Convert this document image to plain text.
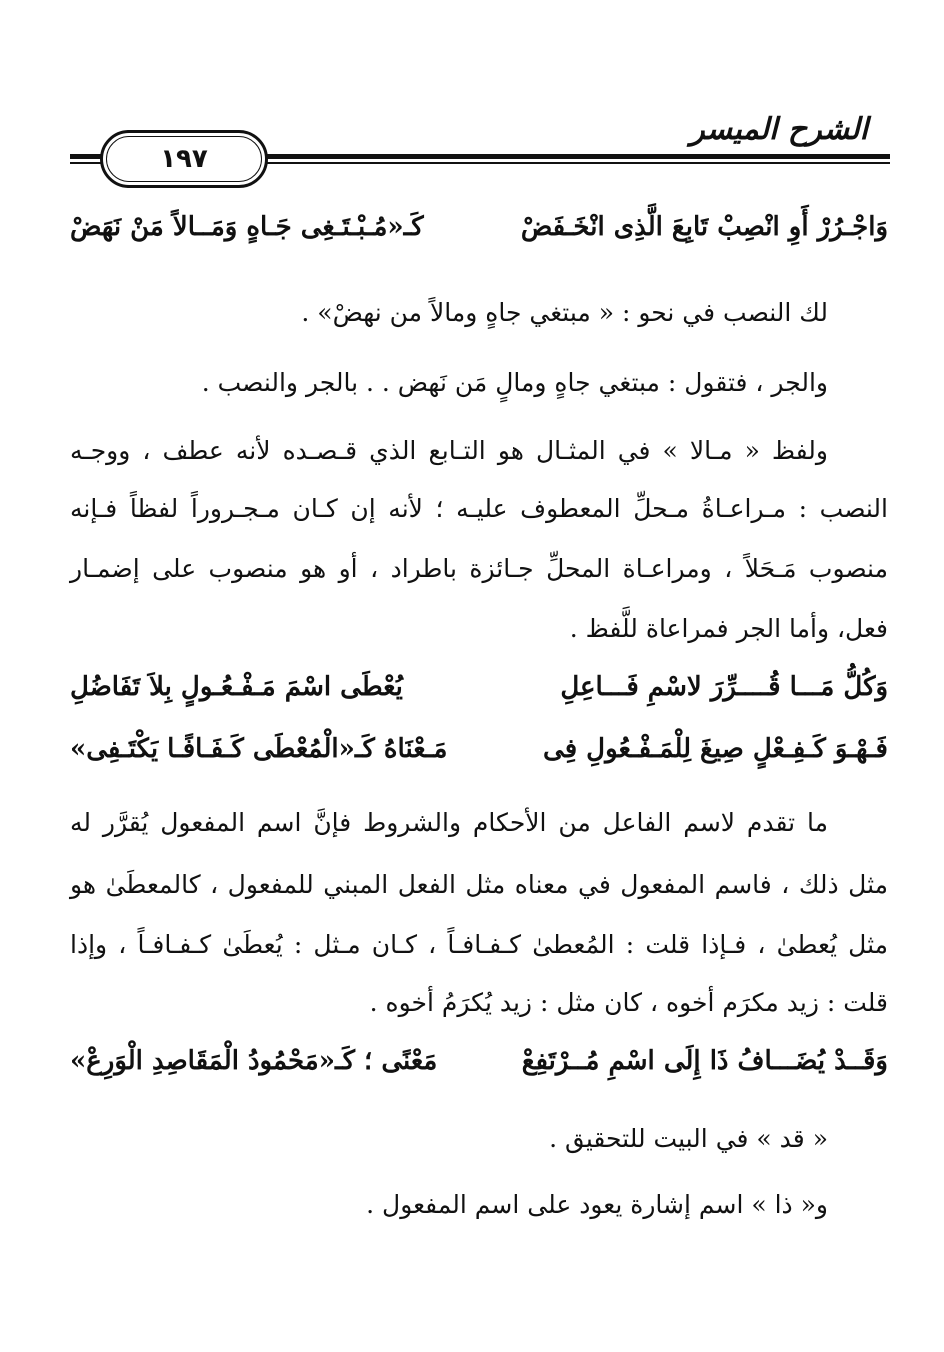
الشرح الميسر
١٩٧
وَاجْـرُرْ أَوِ انْصِبْ تَابِعَ الَّذِى انْخَـفَضْ
كَـ«مُـبْـتَـغِى جَـاهٍ وَمَــالاً مَنْ نَهَضْ
لك النصب في نحو : « مبتغي جاهٍ ومالاً من نهضْ» .
والجر ، فتقول : مبتغي جاهٍ ومالٍ مَن نَهض . . بالجر والنصب .
ولفظ « مـالا » في المثـال هو التـابع الذي قـصـده لأنه عطف ، ووجـه
النصب : مـراعـاةُ مـحلِّ المعطوف عليـه ؛ لأنه إن كـان مـجـروراً لفظاً فـإنه
منصوب مَـحَلاً ، ومراعـاة المحلِّ جـائزة باطراد ، أو هو منصوب على إضمـار
فعل، وأما الجر فمراعاة للَّفظ .
وَكُلُّ مَـــا قُــــرِّرَ لاسْمِ فَـــاعِلِ
يُعْطَى اسْمَ مَـفْـعُـولٍ بِلاَ تَفَاضُلِ
فَـهْـوَ كَـفِـعْلٍ صِيغَ لِلْمَـفْـعُولِ فِى
مَـعْنَاهُ كَـ«الْمُعْطَى كَـفَـافًـا يَكْتَـفِى»
ما تقدم لاسم الفاعل من الأحكام والشروط فإنَّ اسم المفعول يُقرَّر له
مثل ذلك ، فاسم المفعول في معناه مثل الفعل المبني للمفعول ، كالمعطَىٰ هو
مثل يُعطىٰ ، فـإذا قلت : المُعطىٰ كـفـافـاً ، كـان مـثل : يُعطَىٰ كـفـافـاً ، وإذا
قلت : زيد مكرَم أخوه ، كان مثل : زيد يُكرَمُ أخوه .
وَقَــدْ يُضَـــافُ ذَا إِلَى اسْمِ مُــرْتَفِعْ
مَعْنًى ؛ كَـ«مَحْمُودُ الْمَقَاصِدِ الْوَرِعْ»
« قد » في البيت للتحقيق .
و« ذا » اسم إشارة يعود على اسم المفعول .
